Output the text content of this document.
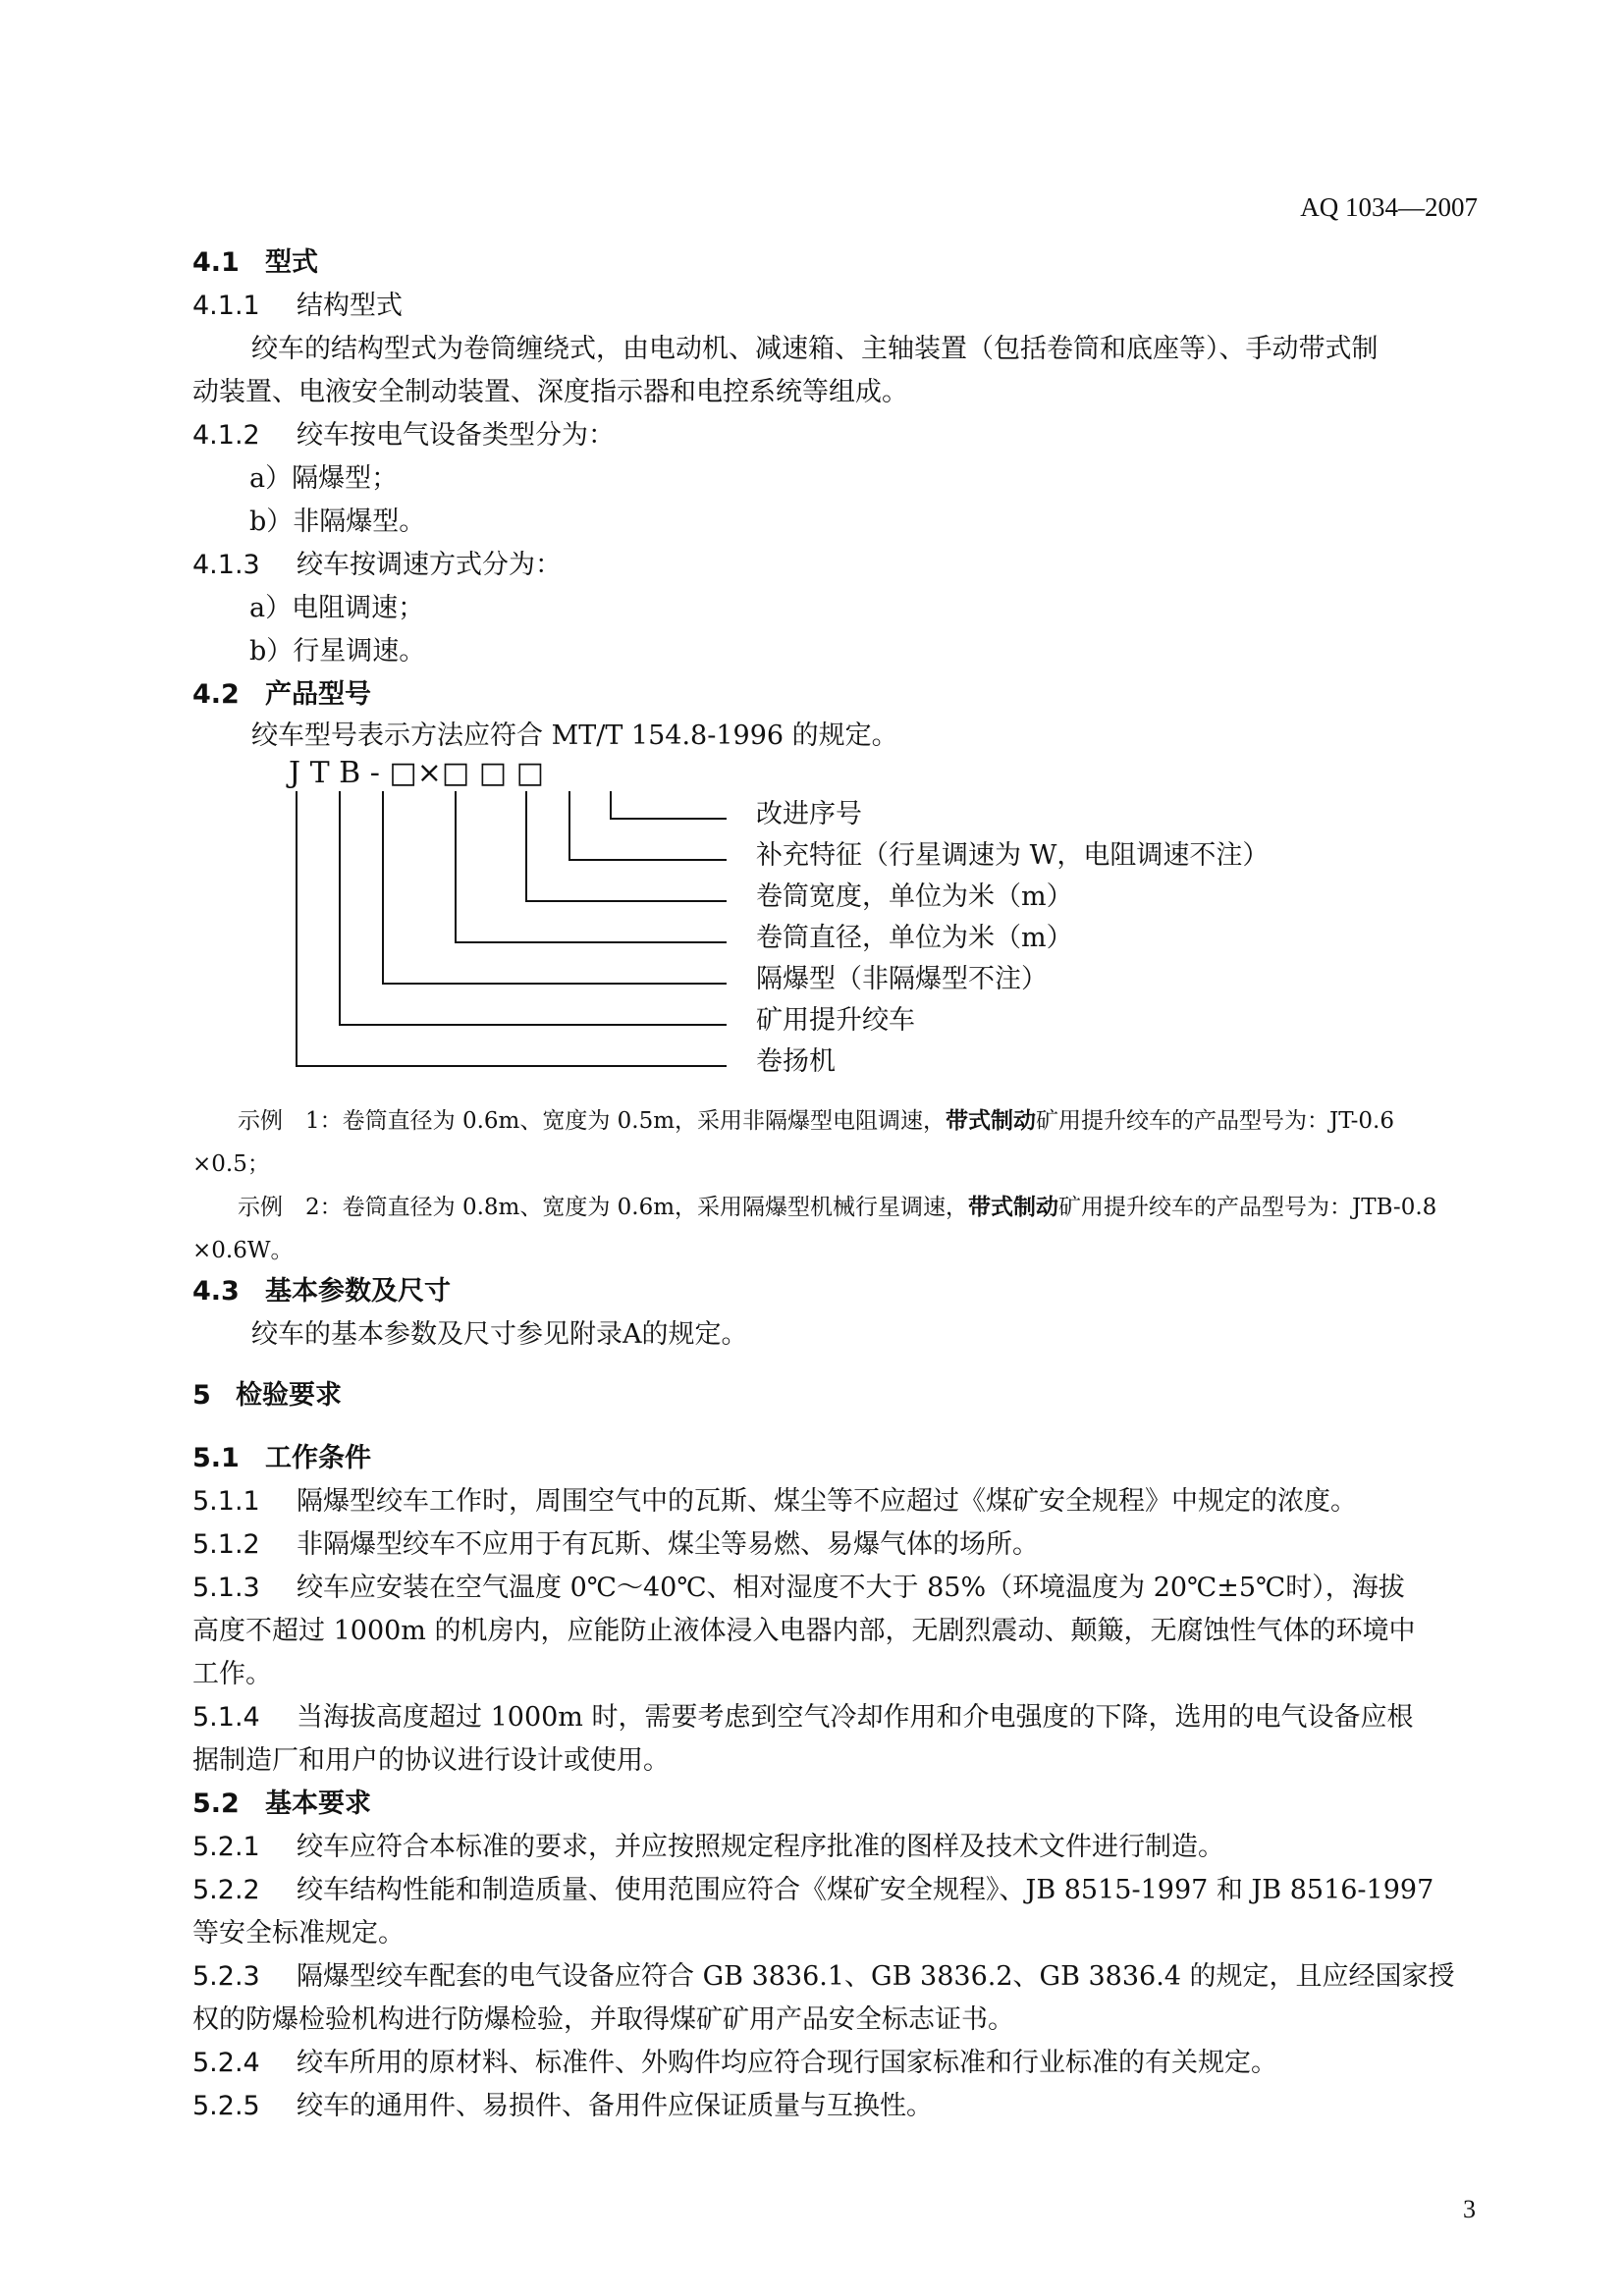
AQ 1034—2007
4.1 型式
4.1.1 结构型式
绞车的结构型式为卷筒缠绕式，由电动机、减速箱、主轴装置（包括卷筒和底座等）、手动带式制
动装置、电液安全制动装置、深度指示器和电控系统等组成。
4.1.2 绞车按电气设备类型分为：
a）隔爆型；
b）非隔爆型。
4.1.3 绞车按调速方式分为：
a）电阻调速；
b）行星调速。
4.2 产品型号
绞车型号表示方法应符合 MT/T 154.8-1996 的规定。
J T B - □×□ □ □
改进序号
补充特征（行星调速为 W，电阻调速不注）
卷筒宽度，单位为米（m）
卷筒直径，单位为米（m）
隔爆型（非隔爆型不注）
矿用提升绞车
卷扬机
示例　1：卷筒直径为 0.6m、宽度为 0.5m，采用非隔爆型电阻调速，带式制动矿用提升绞车的产品型号为：JT-0.6
×0.5；
示例　2：卷筒直径为 0.8m、宽度为 0.6m，采用隔爆型机械行星调速，带式制动矿用提升绞车的产品型号为：JTB-0.8
×0.6W。
4.3 基本参数及尺寸
绞车的基本参数及尺寸参见附录A的规定。
5 检验要求
5.1 工作条件
5.1.1 隔爆型绞车工作时，周围空气中的瓦斯、煤尘等不应超过《煤矿安全规程》中规定的浓度。
5.1.2 非隔爆型绞车不应用于有瓦斯、煤尘等易燃、易爆气体的场所。
5.1.3 绞车应安装在空气温度 0℃～40℃、相对湿度不大于 85%（环境温度为 20℃±5℃时），海拔
高度不超过 1000m 的机房内，应能防止液体浸入电器内部，无剧烈震动、颠簸，无腐蚀性气体的环境中
工作。
5.1.4 当海拔高度超过 1000m 时，需要考虑到空气冷却作用和介电强度的下降，选用的电气设备应根
据制造厂和用户的协议进行设计或使用。
5.2 基本要求
5.2.1 绞车应符合本标准的要求，并应按照规定程序批准的图样及技术文件进行制造。
5.2.2 绞车结构性能和制造质量、使用范围应符合《煤矿安全规程》、JB 8515-1997 和 JB 8516-1997
等安全标准规定。
5.2.3 隔爆型绞车配套的电气设备应符合 GB 3836.1、GB 3836.2、GB 3836.4 的规定，且应经国家授
权的防爆检验机构进行防爆检验，并取得煤矿矿用产品安全标志证书。
5.2.4 绞车所用的原材料、标准件、外购件均应符合现行国家标准和行业标准的有关规定。
5.2.5 绞车的通用件、易损件、备用件应保证质量与互换性。
3
